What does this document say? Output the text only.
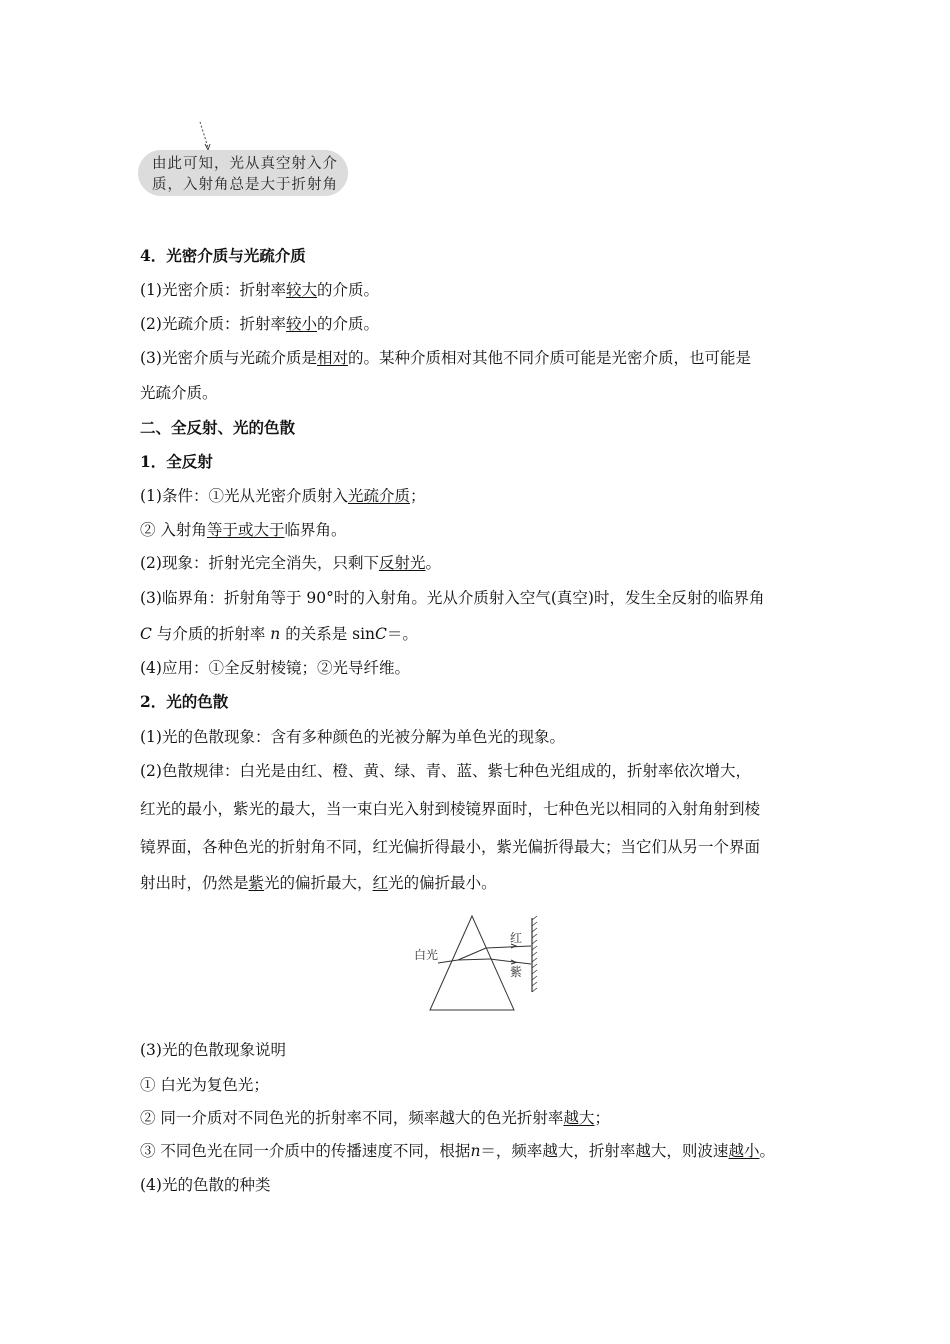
由此可知，光从真空射入介
质，入射角总是大于折射角
4．光密介质与光疏介质
(1)光密介质：折射率较大的介质。
(2)光疏介质：折射率较小的介质。
(3)光密介质与光疏介质是相对的。某种介质相对其他不同介质可能是光密介质，也可能是
光疏介质。
二、全反射、光的色散
1．全反射
(1)条件：①光从光密介质射入光疏介质；
② 入射角等于或大于临界角。
(2)现象：折射光完全消失，只剩下反射光。
(3)临界角：折射角等于 90°时的入射角。光从介质射入空气(真空)时，发生全反射的临界角
C 与介质的折射率 n 的关系是 sinC＝。
(4)应用：①全反射棱镜；②光导纤维。
2．光的色散
(1)光的色散现象：含有多种颜色的光被分解为单色光的现象。
(2)色散规律：白光是由红、橙、黄、绿、青、蓝、紫七种色光组成的，折射率依次增大，
红光的最小，紫光的最大，当一束白光入射到棱镜界面时，七种色光以相同的入射角射到棱
镜界面，各种色光的折射角不同，红光偏折得最小，紫光偏折得最大；当它们从另一个界面
射出时，仍然是紫光的偏折最大，红光的偏折最小。
白光
红
紫
(3)光的色散现象说明
① 白光为复色光；
② 同一介质对不同色光的折射率不同，频率越大的色光折射率越大；
③ 不同色光在同一介质中的传播速度不同，根据n＝，频率越大，折射率越大，则波速越小。
(4)光的色散的种类
